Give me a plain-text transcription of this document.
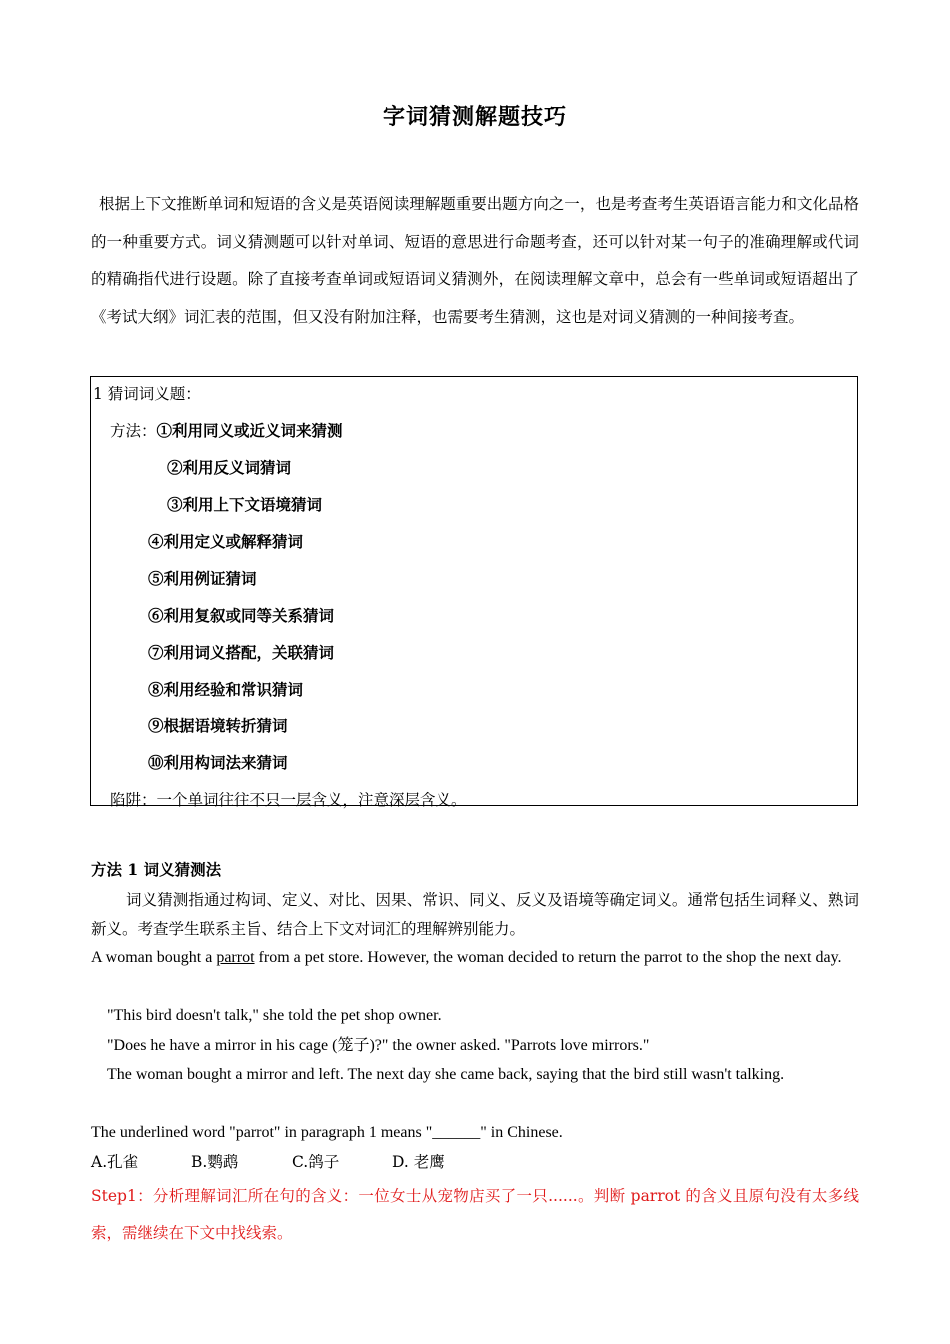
字词猜测解题技巧
根据上下文推断单词和短语的含义是英语阅读理解题重要出题方向之一，也是考查考生英语语言能力和文化品格的一种重要方式。词义猜测题可以针对单词、短语的意思进行命题考查，还可以针对某一句子的准确理解或代词的精确指代进行设题。除了直接考查单词或短语词义猜测外，在阅读理解文章中，总会有一些单词或短语超出了《考试大纲》词汇表的范围，但又没有附加注释，也需要考生猜测，这也是对词义猜测的一种间接考查。
1 猜词词义题：
方法：①利用同义或近义词来猜测
②利用反义词猜词
③利用上下文语境猜词
④利用定义或解释猜词
⑤利用例证猜词
⑥利用复叙或同等关系猜词
⑦利用词义搭配，关联猜词
⑧利用经验和常识猜词
⑨根据语境转折猜词
⑩利用构词法来猜词
陷阱：一个单词往往不只一层含义，注意深层含义。
方法 1 词义猜测法
词义猜测指通过构词、定义、对比、因果、常识、同义、反义及语境等确定词义。通常包括生词释义、熟词新义。考查学生联系主旨、结合上下文对词汇的理解辨别能力。
A woman bought a parrot from a pet store. However, the woman decided to return the parrot to the shop the next day.
"This bird doesn't talk," she told the pet shop owner.
"Does he have a mirror in his cage (笼子)?" the owner asked. "Parrots love mirrors."
The woman bought a mirror and left. The next day she came back, saying that the bird still wasn't talking.
The underlined word "parrot" in paragraph 1 means "______" in Chinese.
A.孔雀	B.鹦鹉	C.鸽子	D. 老鹰
Step1：分析理解词汇所在句的含义：一位女士从宠物店买了一只......。判断 parrot 的含义且原句没有太多线索，需继续在下文中找线索。
